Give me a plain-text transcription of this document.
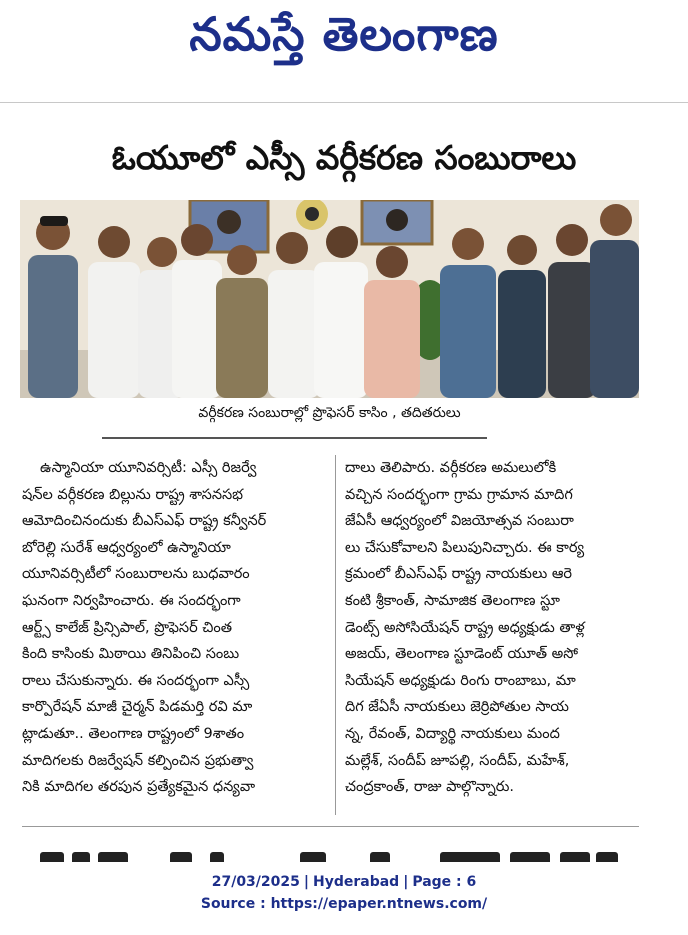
నమస్తే తెలంగాణ
ఓయూలో ఎస్సీ వర్గీకరణ సంబురాలు
వర్గీకరణ సంబురాల్లో ప్రొఫెసర్ కాసిం , తదితరులు

ఉస్మానియా యూనివర్సిటీ: ఎస్సీ రిజర్వే

షన్‌ల వర్గీకరణ బిల్లును రాష్ట్ర శాసనసభ

ఆమోదించినందుకు బీఎస్‌ఎఫ్ రాష్ట్ర కన్వీనర్

బోరెల్లి సురేశ్ ఆధ్వర్యంలో ఉస్మానియా

యూనివర్సిటీలో సంబురాలను బుధవారం

ఘనంగా నిర్వహించారు. ఈ సందర్భంగా

ఆర్ట్స్ కాలేజ్ ప్రిన్సిపాల్, ప్రొఫెసర్ చింత

కింది కాసింకు మిఠాయి తినిపించి సంబు

రాలు చేసుకున్నారు. ఈ సందర్భంగా ఎస్సీ

కార్పొరేషన్ మాజీ చైర్మన్ పిడమర్తి రవి మా

ట్లాడుతూ.. తెలంగాణ రాష్ట్రంలో 9శాతం

మాదిగలకు రిజర్వేషన్ కల్పించిన ప్రభుత్వా

నికి మాదిగల తరపున ప్రత్యేకమైన ధన్యవా

దాలు తెలిపారు. వర్గీకరణ అమలులోకి

వచ్చిన సందర్భంగా గ్రామ గ్రామాన మాదిగ

జేఏసీ ఆధ్వర్యంలో విజయోత్సవ సంబురా

లు చేసుకోవాలని పిలుపునిచ్చారు. ఈ కార్య

క్రమంలో బీఎస్‌ఎఫ్ రాష్ట్ర నాయకులు ఆరె

కంటి శ్రీకాంత్, సామాజిక తెలంగాణ స్టూ

డెంట్స్ అసోసియేషన్ రాష్ట్ర అధ్యక్షుడు తాళ్ల

అజయ్, తెలంగాణ స్టూడెంట్ యూత్ అసో

సియేషన్ అధ్యక్షుడు రింగు రాంబాబు, మా

దిగ జేఏసీ నాయకులు జెర్రిపోతుల సాయ

న్న, రేవంత్, విద్యార్థి నాయకులు మంద

మల్లేశ్, సందీప్ జూపల్లి, సందీప్, మహేశ్,

చంద్రకాంత్, రాజు పాల్గొన్నారు.

27/03/2025 | Hyderabad | Page : 6
Source : https://epaper.ntnews.com/
